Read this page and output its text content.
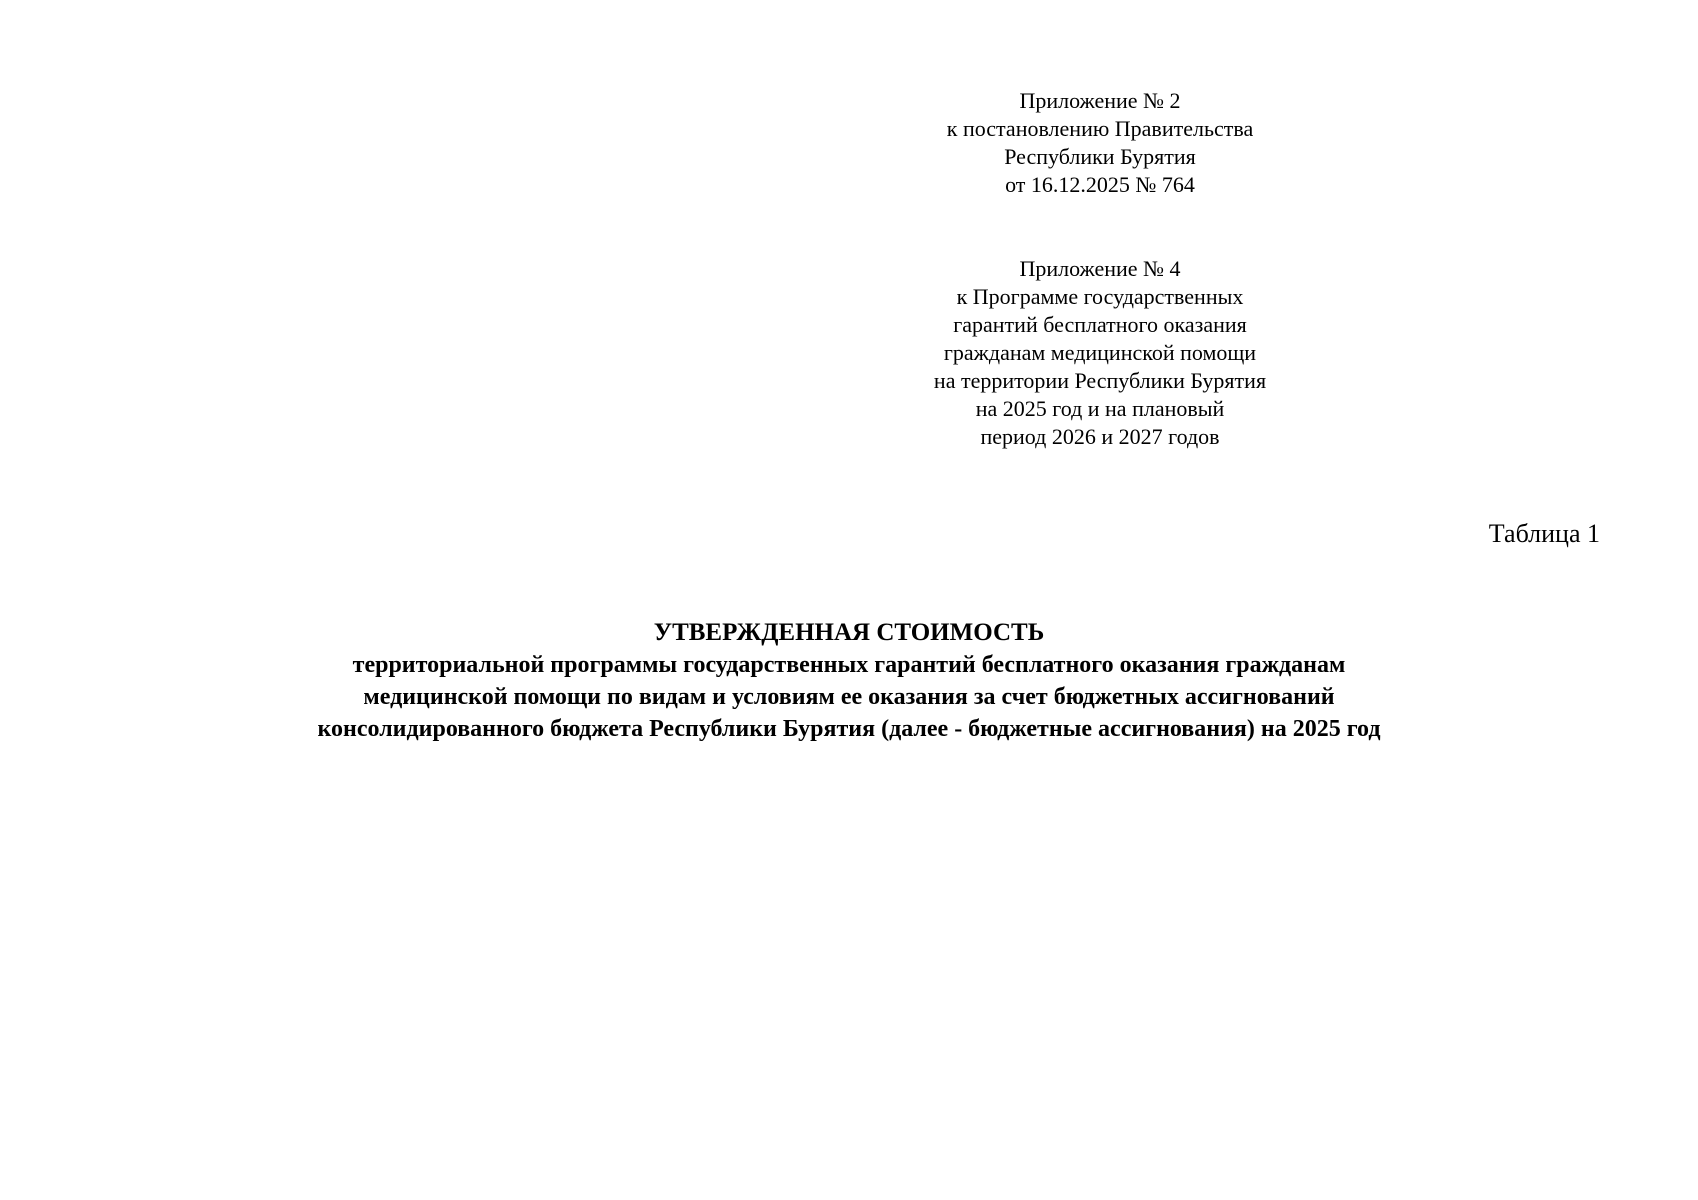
Приложение № 2
к постановлению Правительства
Республики Бурятия
от 16.12.2025 № 764
Приложение № 4
к Программе государственных
гарантий бесплатного оказания
гражданам медицинской помощи
на территории Республики Бурятия
на 2025 год и на плановый
период 2026 и 2027 годов
Таблица 1
УТВЕРЖДЕННАЯ СТОИМОСТЬ
территориальной программы государственных гарантий бесплатного оказания гражданам
медицинской помощи по видам и условиям ее оказания за счет бюджетных ассигнований
консолидированного бюджета Республики Бурятия (далее - бюджетные ассигнования) на 2025 год
